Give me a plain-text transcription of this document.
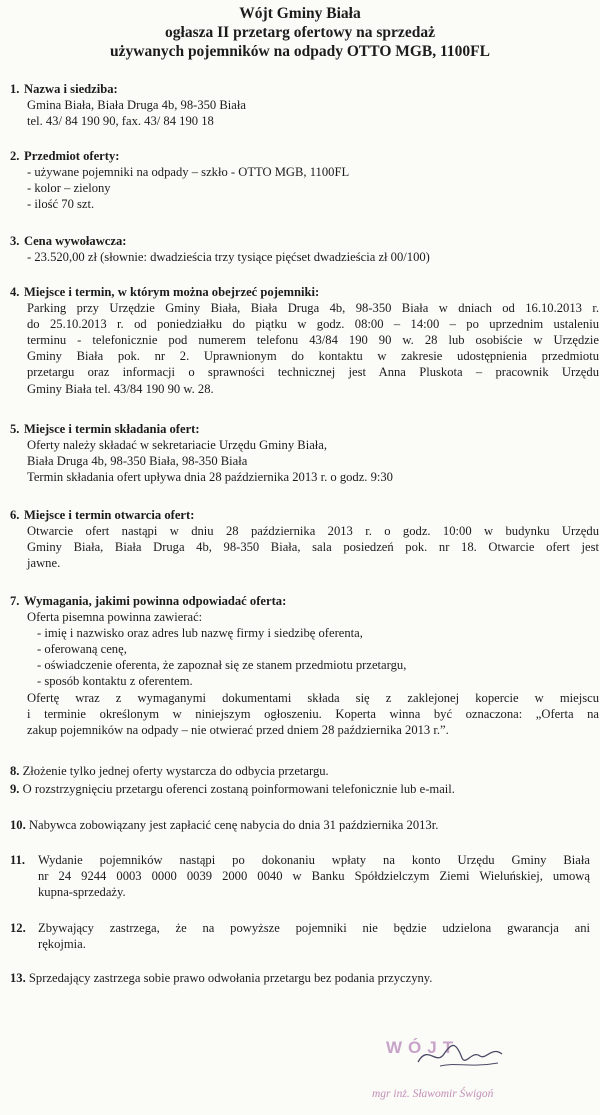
Wójt Gminy Biała
ogłasza II przetarg ofertowy na sprzedaż
używanych pojemników na odpady OTTO MGB, 1100FL
1. Nazwa i siedziba:
Gmina Biała, Biała Druga 4b, 98-350 Biała
tel. 43/ 84 190 90, fax. 43/ 84 190 18
2. Przedmiot oferty:
- używane pojemniki na odpady – szkło - OTTO MGB, 1100FL
- kolor – zielony
- ilość 70 szt.
3. Cena wywoławcza:
- 23.520,00 zł (słownie: dwadzieścia trzy tysiące pięćset dwadzieścia zł 00/100)
4. Miejsce i termin, w którym można obejrzeć pojemniki:
Parking przy Urzędzie Gminy Biała, Biała Druga 4b, 98-350 Biała w dniach od 16.10.2013 r.
do 25.10.2013 r. od poniedziałku do piątku w godz. 08:00 – 14:00 – po uprzednim ustaleniu
terminu - telefonicznie pod numerem telefonu 43/84 190 90 w. 28 lub osobiście w Urzędzie
Gminy Biała pok. nr 2. Uprawnionym do kontaktu w zakresie udostępnienia przedmiotu
przetargu oraz informacji o sprawności technicznej jest Anna Pluskota – pracownik Urzędu
Gminy Biała tel. 43/84 190 90 w. 28.
5. Miejsce i termin składania ofert:
Oferty należy składać w sekretariacie Urzędu Gminy Biała,
Biała Druga 4b, 98-350 Biała, 98-350 Biała
Termin składania ofert upływa dnia 28 października 2013 r. o godz. 9:30
6. Miejsce i termin otwarcia ofert:
Otwarcie ofert nastąpi w dniu 28 października 2013 r. o godz. 10:00 w budynku Urzędu
Gminy Biała, Biała Druga 4b, 98-350 Biała, sala posiedzeń pok. nr 18. Otwarcie ofert jest
jawne.
7. Wymagania, jakimi powinna odpowiadać oferta:
Oferta pisemna powinna zawierać:
- imię i nazwisko oraz adres lub nazwę firmy i siedzibę oferenta,
- oferowaną cenę,
- oświadczenie oferenta, że zapoznał się ze stanem przedmiotu przetargu,
- sposób kontaktu z oferentem.
Ofertę wraz z wymaganymi dokumentami składa się z zaklejonej kopercie w miejscu
i terminie określonym w niniejszym ogłoszeniu. Koperta winna być oznaczona: „Oferta na
zakup pojemników na odpady – nie otwierać przed dniem 28 października 2013 r.”.
8. Złożenie tylko jednej oferty wystarcza do odbycia przetargu.
9. O rozstrzygnięciu przetargu oferenci zostaną poinformowani telefonicznie lub e-mail.
10. Nabywca zobowiązany jest zapłacić cenę nabycia do dnia 31 października 2013r.
11. Wydanie pojemników nastąpi po dokonaniu wpłaty na konto Urzędu Gminy Biała
nr 24 9244 0003 0000 0039 2000 0040 w Banku Spółdzielczym Ziemi Wieluńskiej, umową
kupna-sprzedaży.
12. Zbywający zastrzega, że na powyższe pojemniki nie będzie udzielona gwarancja ani
rękojmia.
13. Sprzedający zastrzega sobie prawo odwołania przetargu bez podania przyczyny.
WÓJT
mgr inż. Sławomir Świgoń
